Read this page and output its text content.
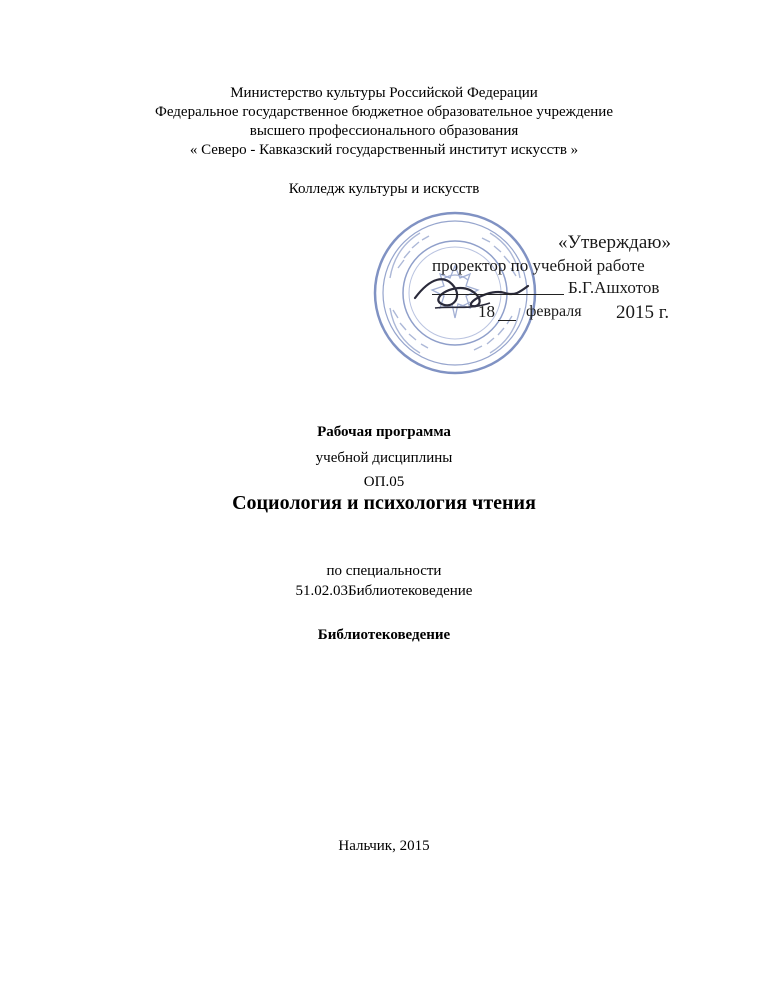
Министерство культуры Российской Федерации
Федеральное государственное бюджетное образовательное учреждение
высшего профессионального образования
« Северо - Кавказский государственный институт искусств »
Колледж культуры и искусств
«Утверждаю»
проректор по учебной работе
Б.Г.Ашхотов
18 февраля 2015 г.
Рабочая программа
учебной дисциплины
ОП.05
Социология и психология чтения
по специальности
51.02.03Библиотековедение
Библиотековедение
Нальчик, 2015
